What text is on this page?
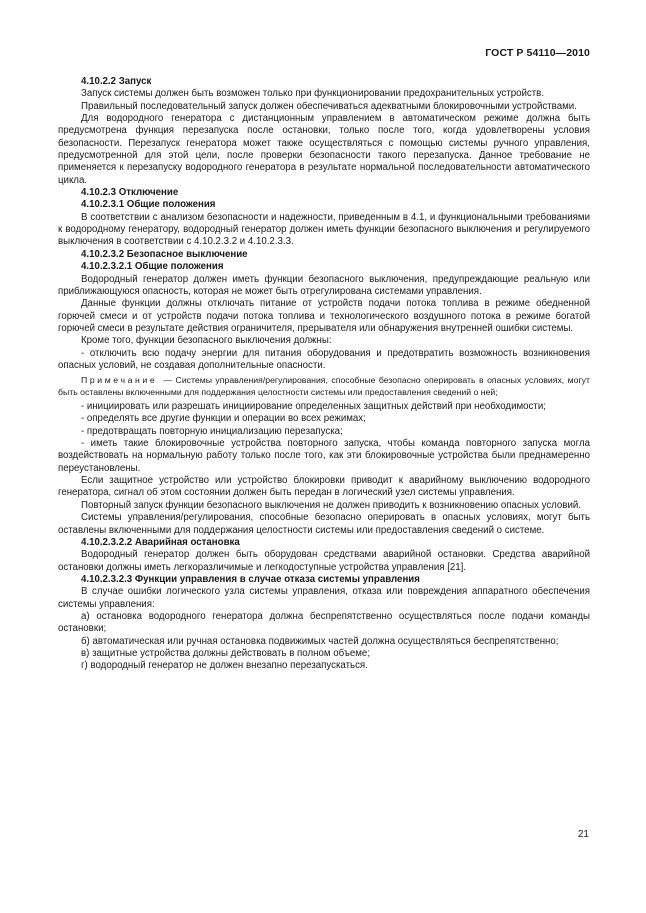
ГОСТ Р 54110—2010

4.10.2.2 Запуск

Запуск системы должен быть возможен только при функционировании предохранительных устройств.

Правильный последовательный запуск должен обеспечиваться адекватными блокировочными устройствами.

Для водородного генератора с дистанционным управлением в автоматическом режиме должна быть предусмотрена функция перезапуска после остановки, только после того, когда удовлетворены условия безопасности. Перезапуск генератора может также осуществляться с помощью системы ручного управления, предусмотренной для этой цели, после проверки безопасности такого перезапуска. Данное требование не применяется к перезапуску водородного генератора в результате нормальной последовательности автоматического цикла.

4.10.2.3 Отключение

4.10.2.3.1 Общие положения

В соответствии с анализом безопасности и надежности, приведенным в 4.1, и функциональными требованиями к водородному генератору, водородный генератор должен иметь функции безопасного выключения и регулируемого выключения в соответствии с 4.10.2.3.2 и 4.10.2.3.3.

4.10.2.3.2 Безопасное выключение

4.10.2.3.2.1 Общие положения

Водородный генератор должен иметь функции безопасного выключения, предупреждающие реальную или приближающуюся опасность, которая не может быть отрегулирована системами управления.

Данные функции должны отключать питание от устройств подачи потока топлива в режиме обедненной горючей смеси и от устройств подачи потока топлива и технологического воздушного потока в режиме богатой горючей смеси в результате действия ограничителя, прерывателя или обнаружения внутренней ошибки системы.

Кроме того, функции безопасного выключения должны:

- отключить всю подачу энергии для питания оборудования и предотвратить возможность возникновения опасных условий, не создавая дополнительные опасности.

Примечание — Системы управления/регулирования, способные безопасно оперировать в опасных условиях, могут быть оставлены включенными для поддержания целостности системы или предоставления сведений о ней;

- инициировать или разрешать инициирование определенных защитных действий при необходимости;

- определять все другие функции и операции во всех режимах;

- предотвращать повторную инициализацию перезапуска;

- иметь такие блокировочные устройства повторного запуска, чтобы команда повторного запуска могла воздействовать на нормальную работу только после того, как эти блокировочные устройства были преднамеренно переустановлены.

Если защитное устройство или устройство блокировки приводит к аварийному выключению водородного генератора, сигнал об этом состоянии должен быть передан в логический узел системы управления.

Повторный запуск функции безопасного выключения не должен приводить к возникновению опасных условий.

Системы управления/регулирования, способные безопасно оперировать в опасных условиях, могут быть оставлены включенными для поддержания целостности системы или предоставления сведений о системе.

4.10.2.3.2.2 Аварийная остановка

Водородный генератор должен быть оборудован средствами аварийной остановки. Средства аварийной остановки должны иметь легкоразличимые и легкодоступные устройства управления [21].

4.10.2.3.2.3 Функции управления в случае отказа системы управления

В случае ошибки логического узла системы управления, отказа или повреждения аппаратного обеспечения системы управления:

а) остановка водородного генератора должна беспрепятственно осуществляться после подачи команды остановки;

б) автоматическая или ручная остановка подвижимых частей должна осуществляться беспрепятственно;

в) защитные устройства должны действовать в полном объеме;

г) водородный генератор не должен внезапно перезапускаться.

21
